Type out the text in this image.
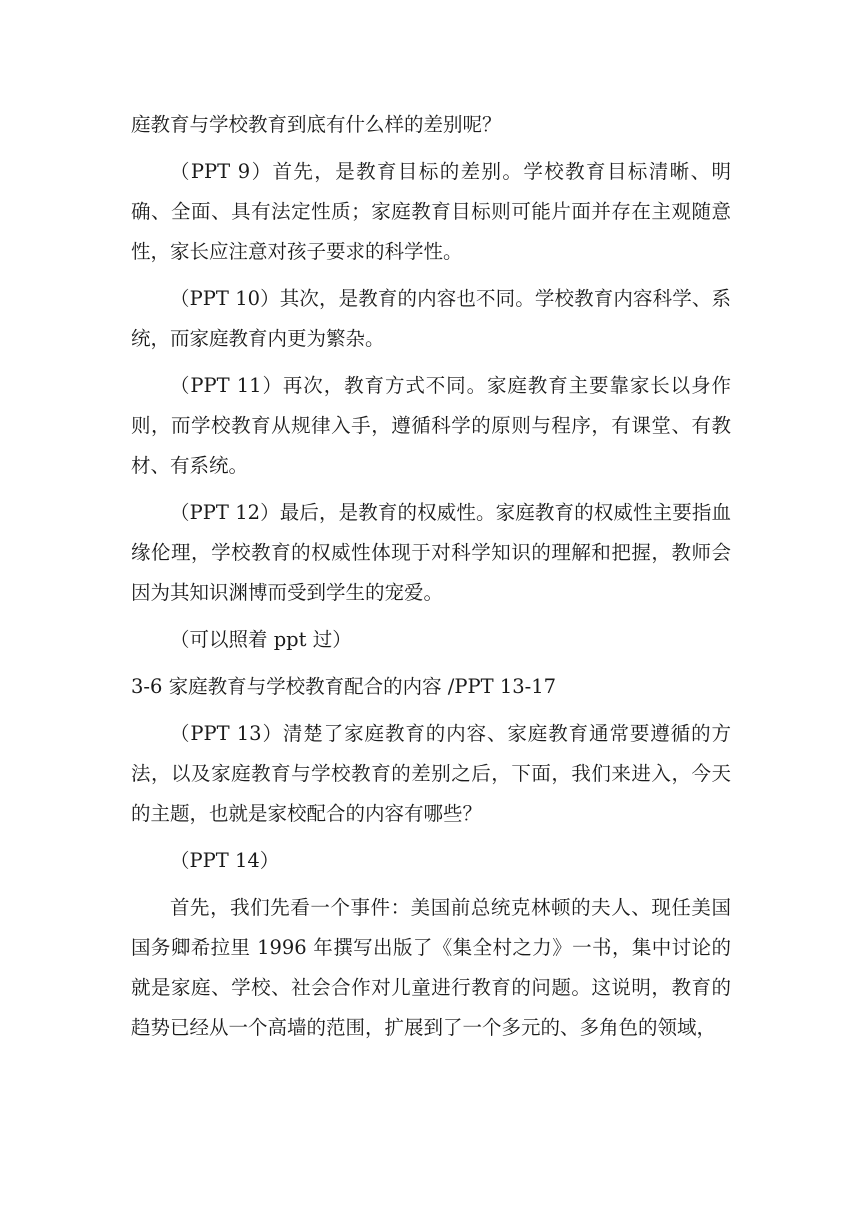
庭教育与学校教育到底有什么样的差别呢？

（PPT 9）首先，是教育目标的差别。学校教育目标清晰、明确、全面、具有法定性质；家庭教育目标则可能片面并存在主观随意性，家长应注意对孩子要求的科学性。

（PPT 10）其次，是教育的内容也不同。学校教育内容科学、系统，而家庭教育内更为繁杂。

（PPT 11）再次，教育方式不同。家庭教育主要靠家长以身作则，而学校教育从规律入手，遵循科学的原则与程序，有课堂、有教材、有系统。

（PPT 12）最后，是教育的权威性。家庭教育的权威性主要指血缘伦理，学校教育的权威性体现于对科学知识的理解和把握，教师会因为其知识渊博而受到学生的宠爱。

（可以照着 ppt 过）

3-6 家庭教育与学校教育配合的内容 /PPT 13-17

（PPT 13）清楚了家庭教育的内容、家庭教育通常要遵循的方法，以及家庭教育与学校教育的差别之后，下面，我们来进入，今天的主题，也就是家校配合的内容有哪些？

（PPT 14）

首先，我们先看一个事件：美国前总统克林顿的夫人、现任美国国务卿希拉里 1996 年撰写出版了《集全村之力》一书，集中讨论的就是家庭、学校、社会合作对儿童进行教育的问题。这说明，教育的趋势已经从一个高墙的范围，扩展到了一个多元的、多角色的领域，
